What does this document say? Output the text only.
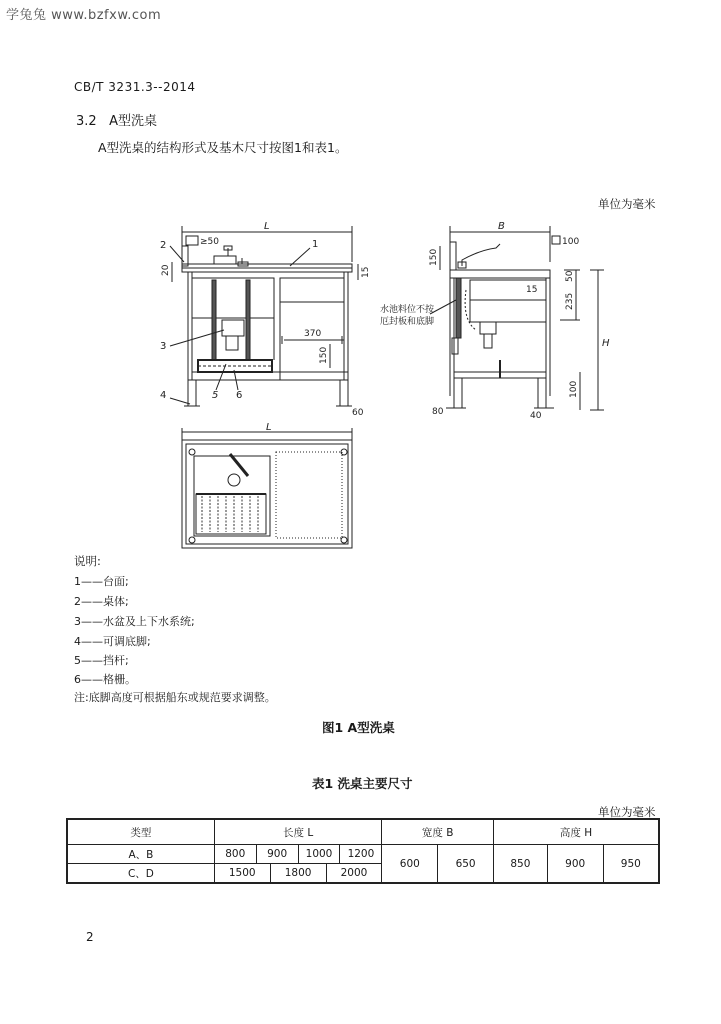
学兔兔 www.bzfxw.com
CB/T 3231.3--2014
3.2 A型洗桌
A型洗桌的结构形式及基木尺寸按图1和表1。
单位为毫米
L
≥50
20	15
370
150
60
2	1
3
4	5 6
B
100
150
50
235
H
100
15
80	40
水池料位不按
厄封板和底脚
L
说明:
1——台面;
2——桌体;
3——水盆及上下水系统;
4——可调底脚;
5——挡杆;
6——格栅。
注:底脚高度可根据船东或规范要求调整。
图1 A型洗桌
表1 洗桌主要尺寸
单位为毫米
类型	长度 L				宽度 B		高度 H		
A、B	800	900	1000	1200	600	650	850	900	950
C、D	1500 1800 2000								
2
